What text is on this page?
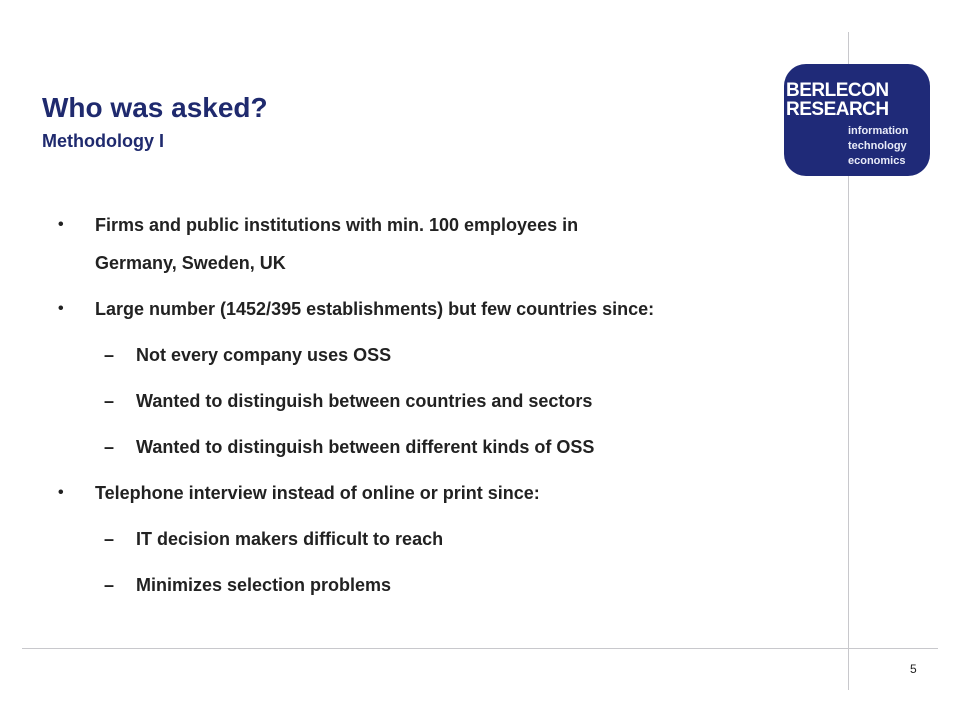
Who was asked?
Methodology I
BERLECON
RESEARCH
information
technology
economics
• Firms and public institutions with min. 100 employees in
Germany, Sweden, UK
• Large number (1452/395 establishments) but few countries since:
– Not every company uses OSS
– Wanted to distinguish between countries and sectors
– Wanted to distinguish between different kinds of OSS
• Telephone interview instead of online or print since:
– IT decision makers difficult to reach
– Minimizes selection problems
5
